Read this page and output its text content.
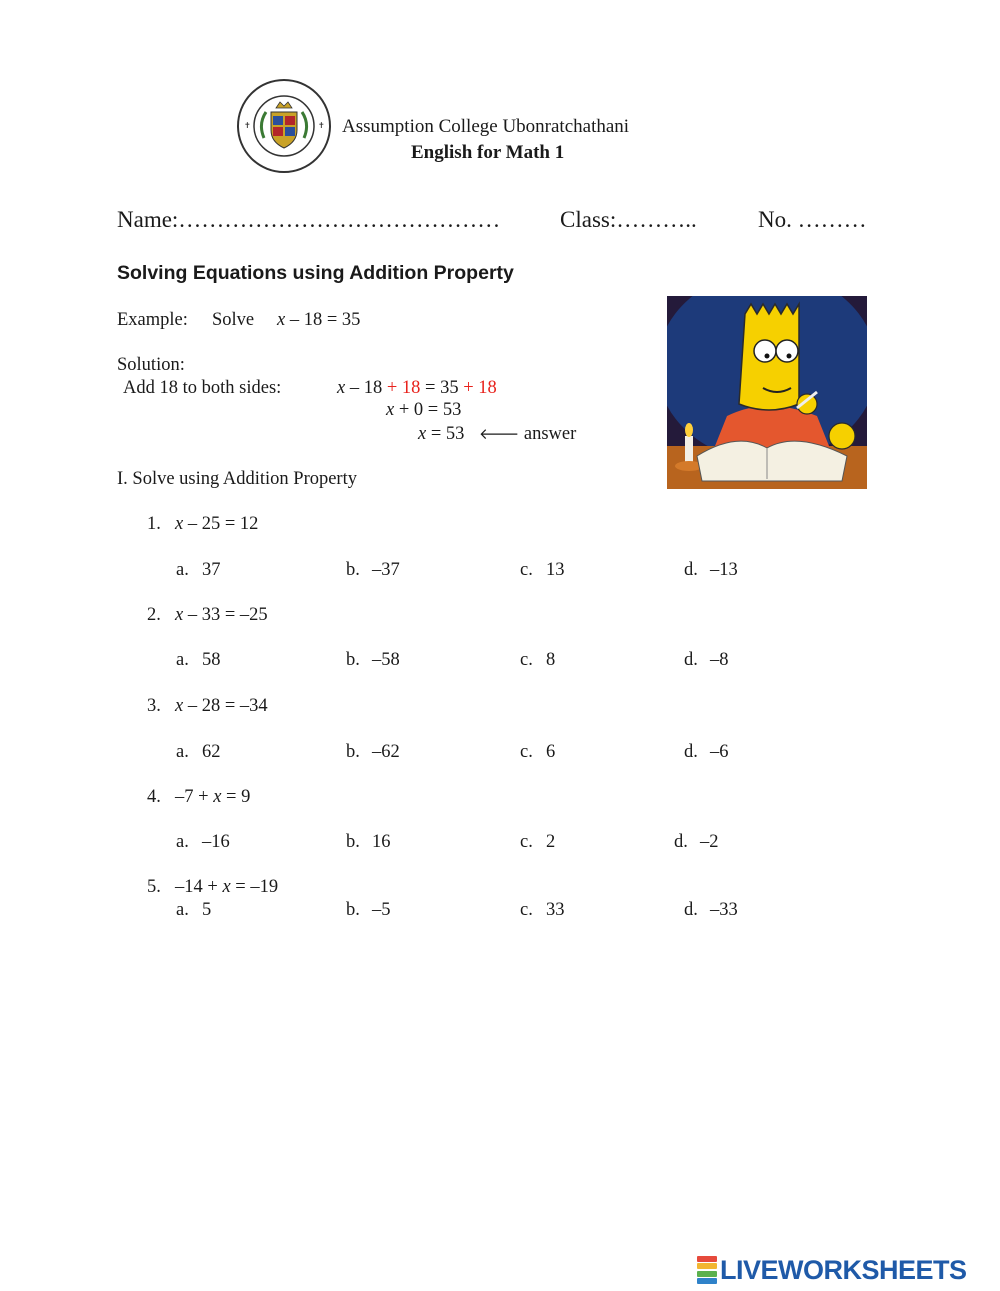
✝	✝ Assumption College Ubonratchathani
English for Math 1
Name:……………………………………	Class:………..	No. ………
Solving Equations using Addition Property
Example: Solve x – 18 = 35
Solution:
Add 18 to both sides:	x – 18 + 18 = 35 + 18
x + 0 = 53
x = 53 🡐 answer
I. Solve using Addition Property
1. x – 25 = 12
a. 37	b. –37	c. 13	d. –13
2. x – 33 = –25
a. 58	b. –58	c. 8	d. –8
3. x – 28 = –34
a. 62	b. –62	c. 6	d. –6
4. –7 + x = 9
a. –16	b. 16	c. 2	d. –2
5. –14 + x = –19
a. 5	b. –5	c. 33	d. –33
LIVEWORKSHEETS
